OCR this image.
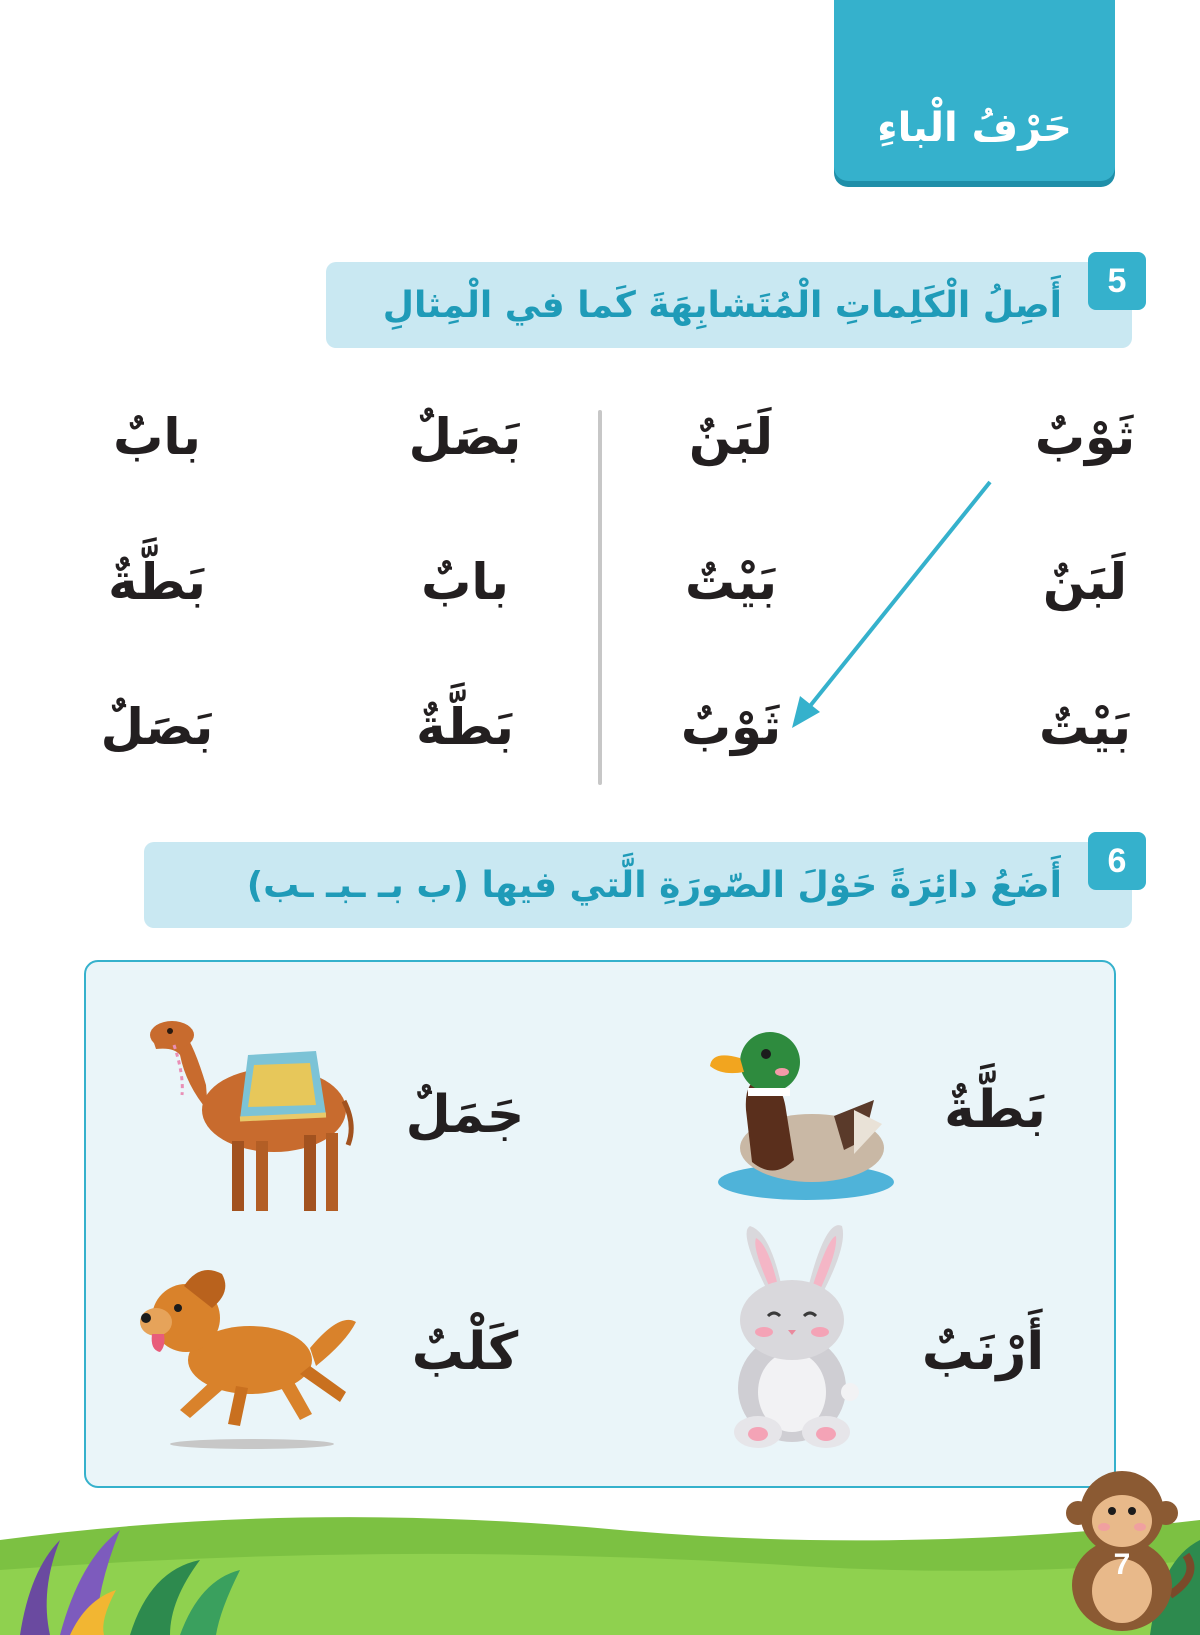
حَرْفُ الْباءِ
أَصِلُ الْكَلِماتِ الْمُتَشابِهَةَ كَما في الْمِثالِ
5
ثَوْبٌ
لَبَنٌ
بَيْتٌ
لَبَنٌ
بَيْتٌ
ثَوْبٌ
بَصَلٌ
بابٌ
بَطَّةٌ
بابٌ
بَطَّةٌ
بَصَلٌ
أَضَعُ دائِرَةً حَوْلَ الصّورَةِ الَّتي فيها (ب بـ ـبـ ـب)
6
بَطَّةٌ
جَمَلٌ
أَرْنَبٌ
كَلْبٌ
7
